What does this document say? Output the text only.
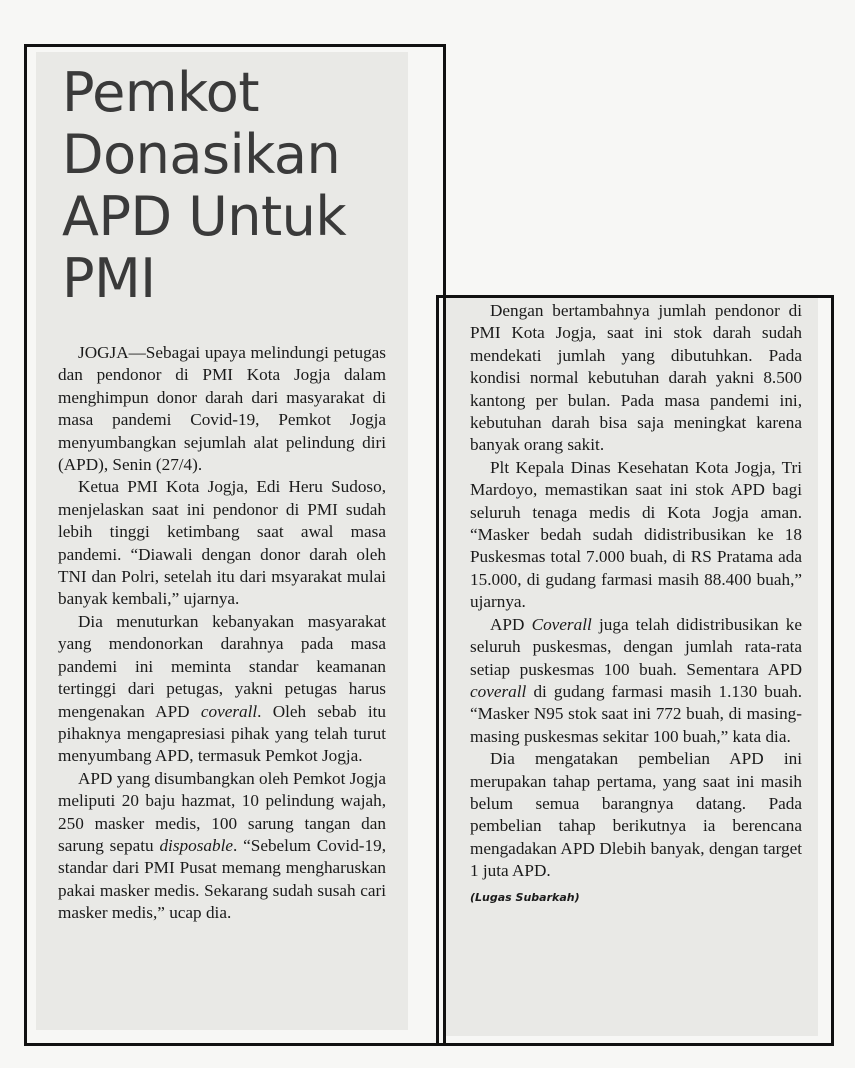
Pemkot Donasikan APD Untuk PMI

JOGJA—Sebagai upaya melindungi petugas dan pendonor di PMI Kota Jogja dalam menghimpun donor darah dari masyarakat di masa pandemi Covid-19, Pemkot Jogja menyumbangkan sejumlah alat pelindung diri (APD), Senin (27/4).

Ketua PMI Kota Jogja, Edi Heru Sudoso, menjelaskan saat ini pendonor di PMI sudah lebih tinggi ketimbang saat awal masa pandemi. “Diawali dengan donor darah oleh TNI dan Polri, setelah itu dari msyarakat mulai banyak kembali,” ujarnya.

Dia menuturkan kebanyakan masyarakat yang mendonorkan darahnya pada masa pandemi ini meminta standar keamanan tertinggi dari petugas, yakni petugas harus mengenakan APD coverall. Oleh sebab itu pihaknya mengapresiasi pihak yang telah turut menyumbang APD, termasuk Pemkot Jogja.

APD yang disumbangkan oleh Pemkot Jogja meliputi 20 baju hazmat, 10 pelindung wajah, 250 masker medis, 100 sarung tangan dan sarung sepatu disposable. “Sebelum Covid-19, standar dari PMI Pusat memang mengharuskan pakai masker medis. Sekarang sudah susah cari masker medis,” ucap dia.

Dengan bertambahnya jumlah pendonor di PMI Kota Jogja, saat ini stok darah sudah mendekati jumlah yang dibutuhkan. Pada kondisi normal kebutuhan darah yakni 8.500 kantong per bulan. Pada masa pandemi ini, kebutuhan darah bisa saja meningkat karena banyak orang sakit.

Plt Kepala Dinas Kesehatan Kota Jogja, Tri Mardoyo, memastikan saat ini stok APD bagi seluruh tenaga medis di Kota Jogja aman. “Masker bedah sudah didistribusikan ke 18 Puskesmas total 7.000 buah, di RS Pratama ada 15.000, di gudang farmasi masih 88.400 buah,” ujarnya.

APD Coverall juga telah didistribusikan ke seluruh puskesmas, dengan jumlah rata-rata setiap puskesmas 100 buah. Sementara APD coverall di gudang farmasi masih 1.130 buah. “Masker N95 stok saat ini 772 buah, di masing-masing puskesmas sekitar 100 buah,” kata dia.

Dia mengatakan pembelian APD ini merupakan tahap pertama, yang saat ini masih belum semua barangnya datang. Pada pembelian tahap berikutnya ia berencana mengadakan APD Dlebih banyak, dengan target 1 juta APD.

(Lugas Subarkah)
